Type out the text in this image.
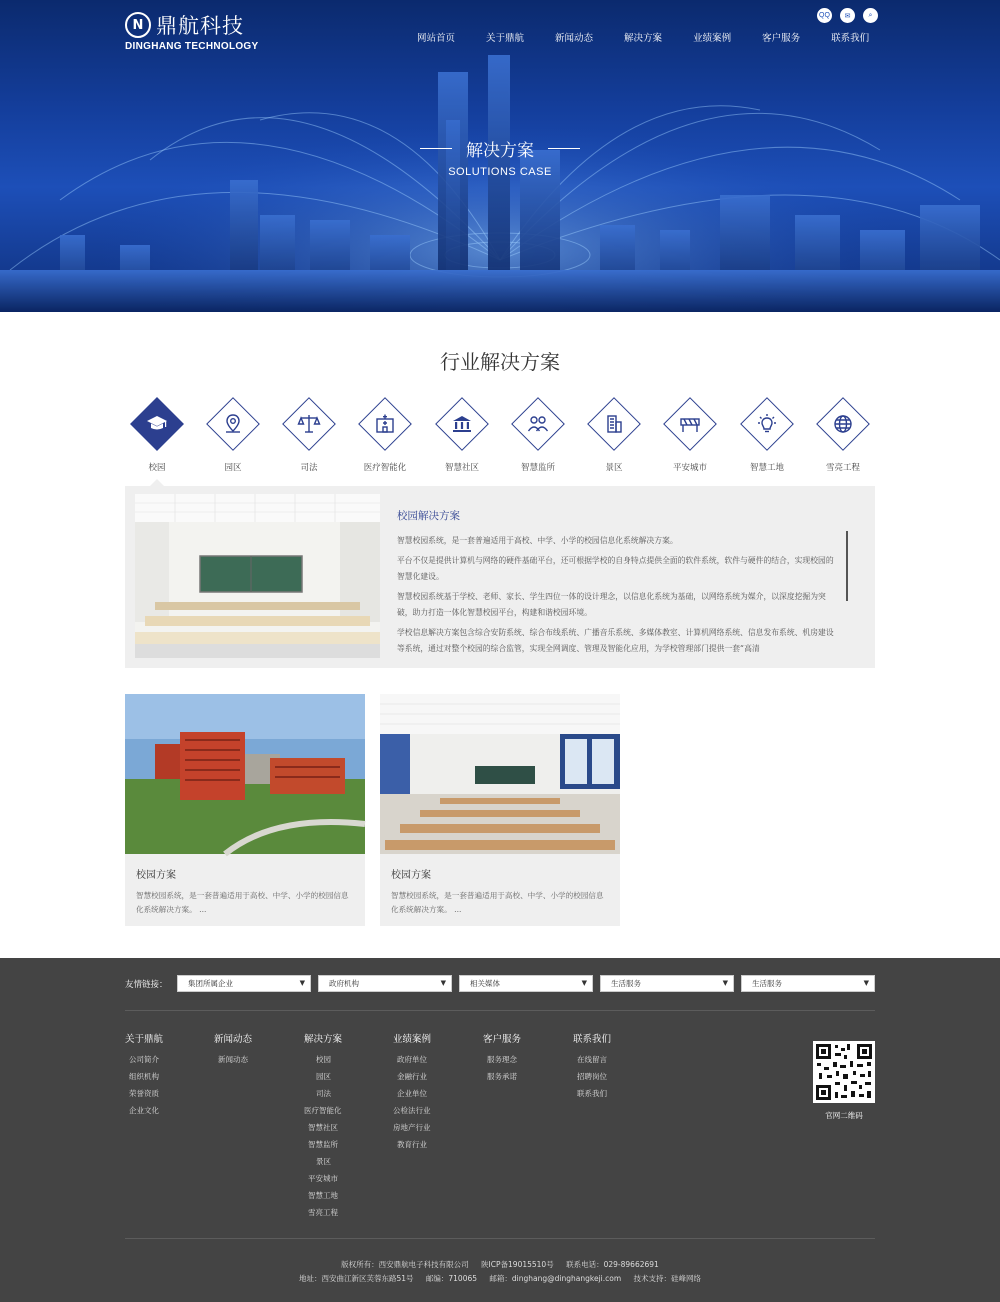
N 鼎航科技
DINGHANG TECHNOLOGY
QQ	✉	⌕
网站首页	关于鼎航	新闻动态	解决方案	业绩案例	客户服务	联系我们
解决方案
SOLUTIONS CASE
行业解决方案
校园	园区	司法	医疗智能化	智慧社区	智慧监所	景区	平安城市	智慧工地	雪亮工程
校园解决方案
智慧校园系统，是一套普遍适用于高校、中学、小学的校园信息化系统解决方案。
平台不仅是提供计算机与网络的硬件基础平台，还可根据学校的自身特点提供全面的软件系统，软件与硬件的结合，实现校园的智慧化建设。
智慧校园系统基于学校、老师、家长、学生四位一体的设计理念，以信息化系统为基础，以网络系统为媒介，以深度挖掘为突破，助力打造一体化智慧校园平台，构建和谐校园环境。
学校信息解决方案包含综合安防系统、综合布线系统、广播音乐系统、多媒体教室、计算机网络系统、信息发布系统、机房建设等系统，通过对整个校园的综合监管，实现全网调度、管理及智能化应用，为学校管理部门提供一套“高清
校园方案
智慧校园系统，是一套普遍适用于高校、中学、小学的校园信息化系统解决方案。 ...
校园方案
智慧校园系统，是一套普遍适用于高校、中学、小学的校园信息化系统解决方案。 ...
友情链接：	集团所属企业	▼	政府机构	▼	相关媒体	▼	生活服务	▼	生活服务	▼
关于鼎航
公司简介
组织机构
荣誉资质
企业文化
新闻动态
新闻动态
解决方案
校园
园区
司法
医疗智能化
智慧社区
智慧监所
景区
平安城市
智慧工地
雪亮工程
业绩案例
政府单位
金融行业
企业单位
公检法行业
房地产行业
教育行业
客户服务
服务理念
服务承诺
联系我们
在线留言
招聘岗位
联系我们
官网二维码
版权所有：西安鼎航电子科技有限公司 陕ICP备19015510号 联系电话：029-89662691
地址：西安曲江新区芙蓉东路51号 邮编：710065 邮箱：dinghang@dinghangkeji.com 技术支持：硅峰网络
